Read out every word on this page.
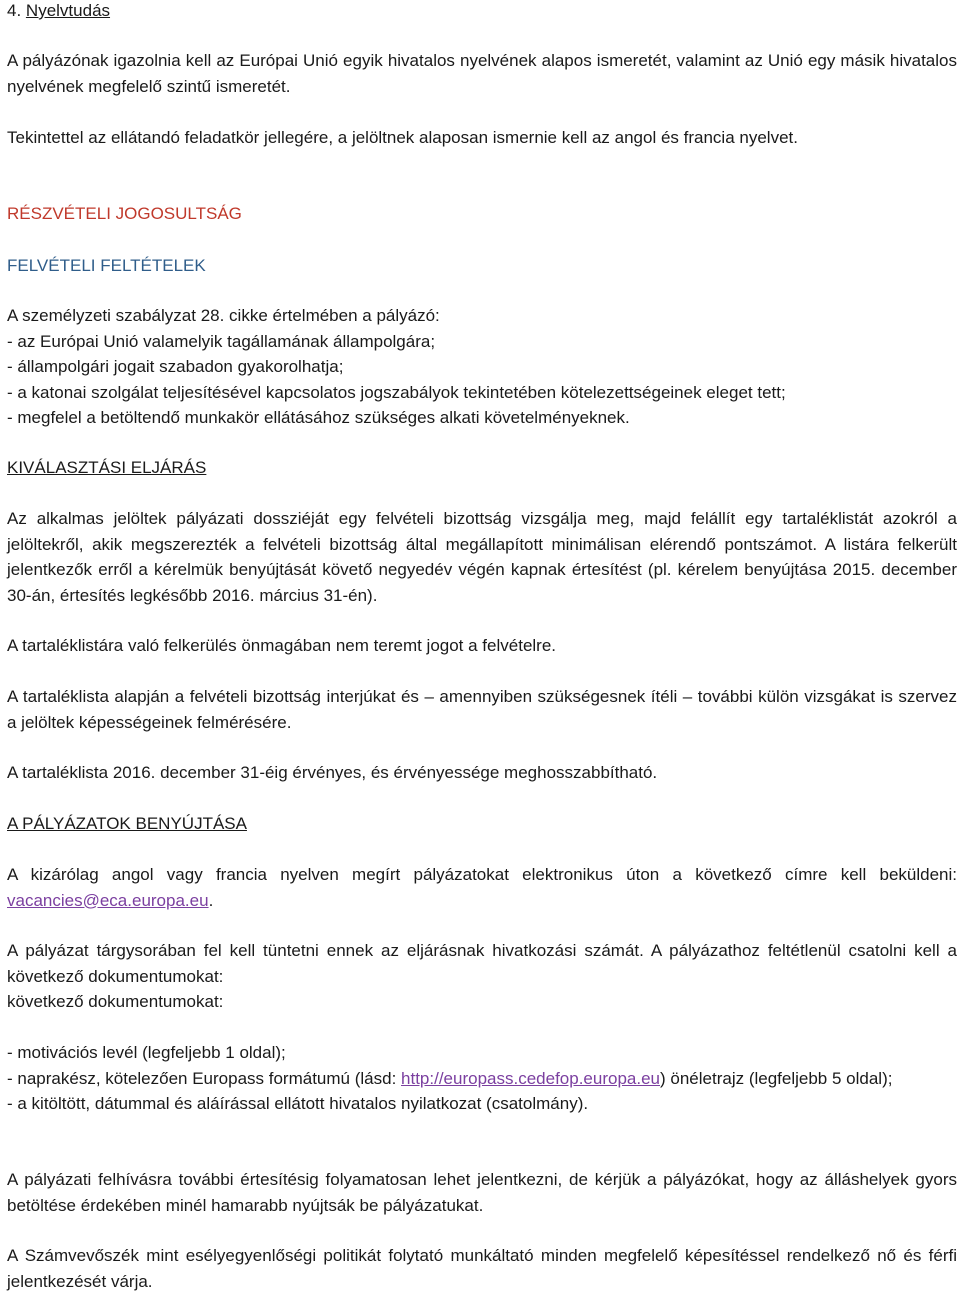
4. Nyelvtudás

A pályázónak igazolnia kell az Európai Unió egyik hivatalos nyelvének alapos ismeretét, valamint az Unió egy másik hivatalos nyelvének megfelelő szintű ismeretét.

Tekintettel az ellátandó feladatkör jellegére, a jelöltnek alaposan ismernie kell az angol és francia nyelvet.

RÉSZVÉTELI JOGOSULTSÁG

FELVÉTELI FELTÉTELEK

A személyzeti szabályzat 28. cikke értelmében a pályázó:
- az Európai Unió valamelyik tagállamának állampolgára;
- állampolgári jogait szabadon gyakorolhatja;
- a katonai szolgálat teljesítésével kapcsolatos jogszabályok tekintetében kötelezettségeinek eleget tett;
- megfelel a betöltendő munkakör ellátásához szükséges alkati követelményeknek.

KIVÁLASZTÁSI ELJÁRÁS

Az alkalmas jelöltek pályázati dossziéját egy felvételi bizottság vizsgálja meg, majd felállít egy tartaléklistát azokról a jelöltekről, akik megszerezték a felvételi bizottság által megállapított minimálisan elérendő pontszámot. A listára felkerült jelentkezők erről a kérelmük benyújtását követő negyedév végén kapnak értesítést (pl. kérelem benyújtása 2015. december 30-án, értesítés legkésőbb 2016. március 31-én).

A tartaléklistára való felkerülés önmagában nem teremt jogot a felvételre.

A tartaléklista alapján a felvételi bizottság interjúkat és – amennyiben szükségesnek ítéli – további külön vizsgákat is szervez a jelöltek képességeinek felmérésére.

A tartaléklista 2016. december 31-éig érvényes, és érvényessége meghosszabbítható.

A PÁLYÁZATOK BENYÚJTÁSA

A kizárólag angol vagy francia nyelven megírt pályázatokat elektronikus úton a következő címre kell beküldeni: vacancies@eca.europa.eu.

A pályázat tárgysorában fel kell tüntetni ennek az eljárásnak hivatkozási számát. A pályázathoz feltétlenül csatolni kell a következő dokumentumokat:
következő dokumentumokat:
- motivációs levél (legfeljebb 1 oldal);
- naprakész, kötelezően Europass formátumú (lásd: http://europass.cedefop.europa.eu) önéletrajz (legfeljebb 5 oldal);
- a kitöltött, dátummal és aláírással ellátott hivatalos nyilatkozat (csatolmány).

A pályázati felhívásra további értesítésig folyamatosan lehet jelentkezni, de kérjük a pályázókat, hogy az álláshelyek gyors betöltése érdekében minél hamarabb nyújtsák be pályázatukat.

A Számvevőszék mint esélyegyenlőségi politikát folytató munkáltató minden megfelelő képesítéssel rendelkező nő és férfi jelentkezését várja.
